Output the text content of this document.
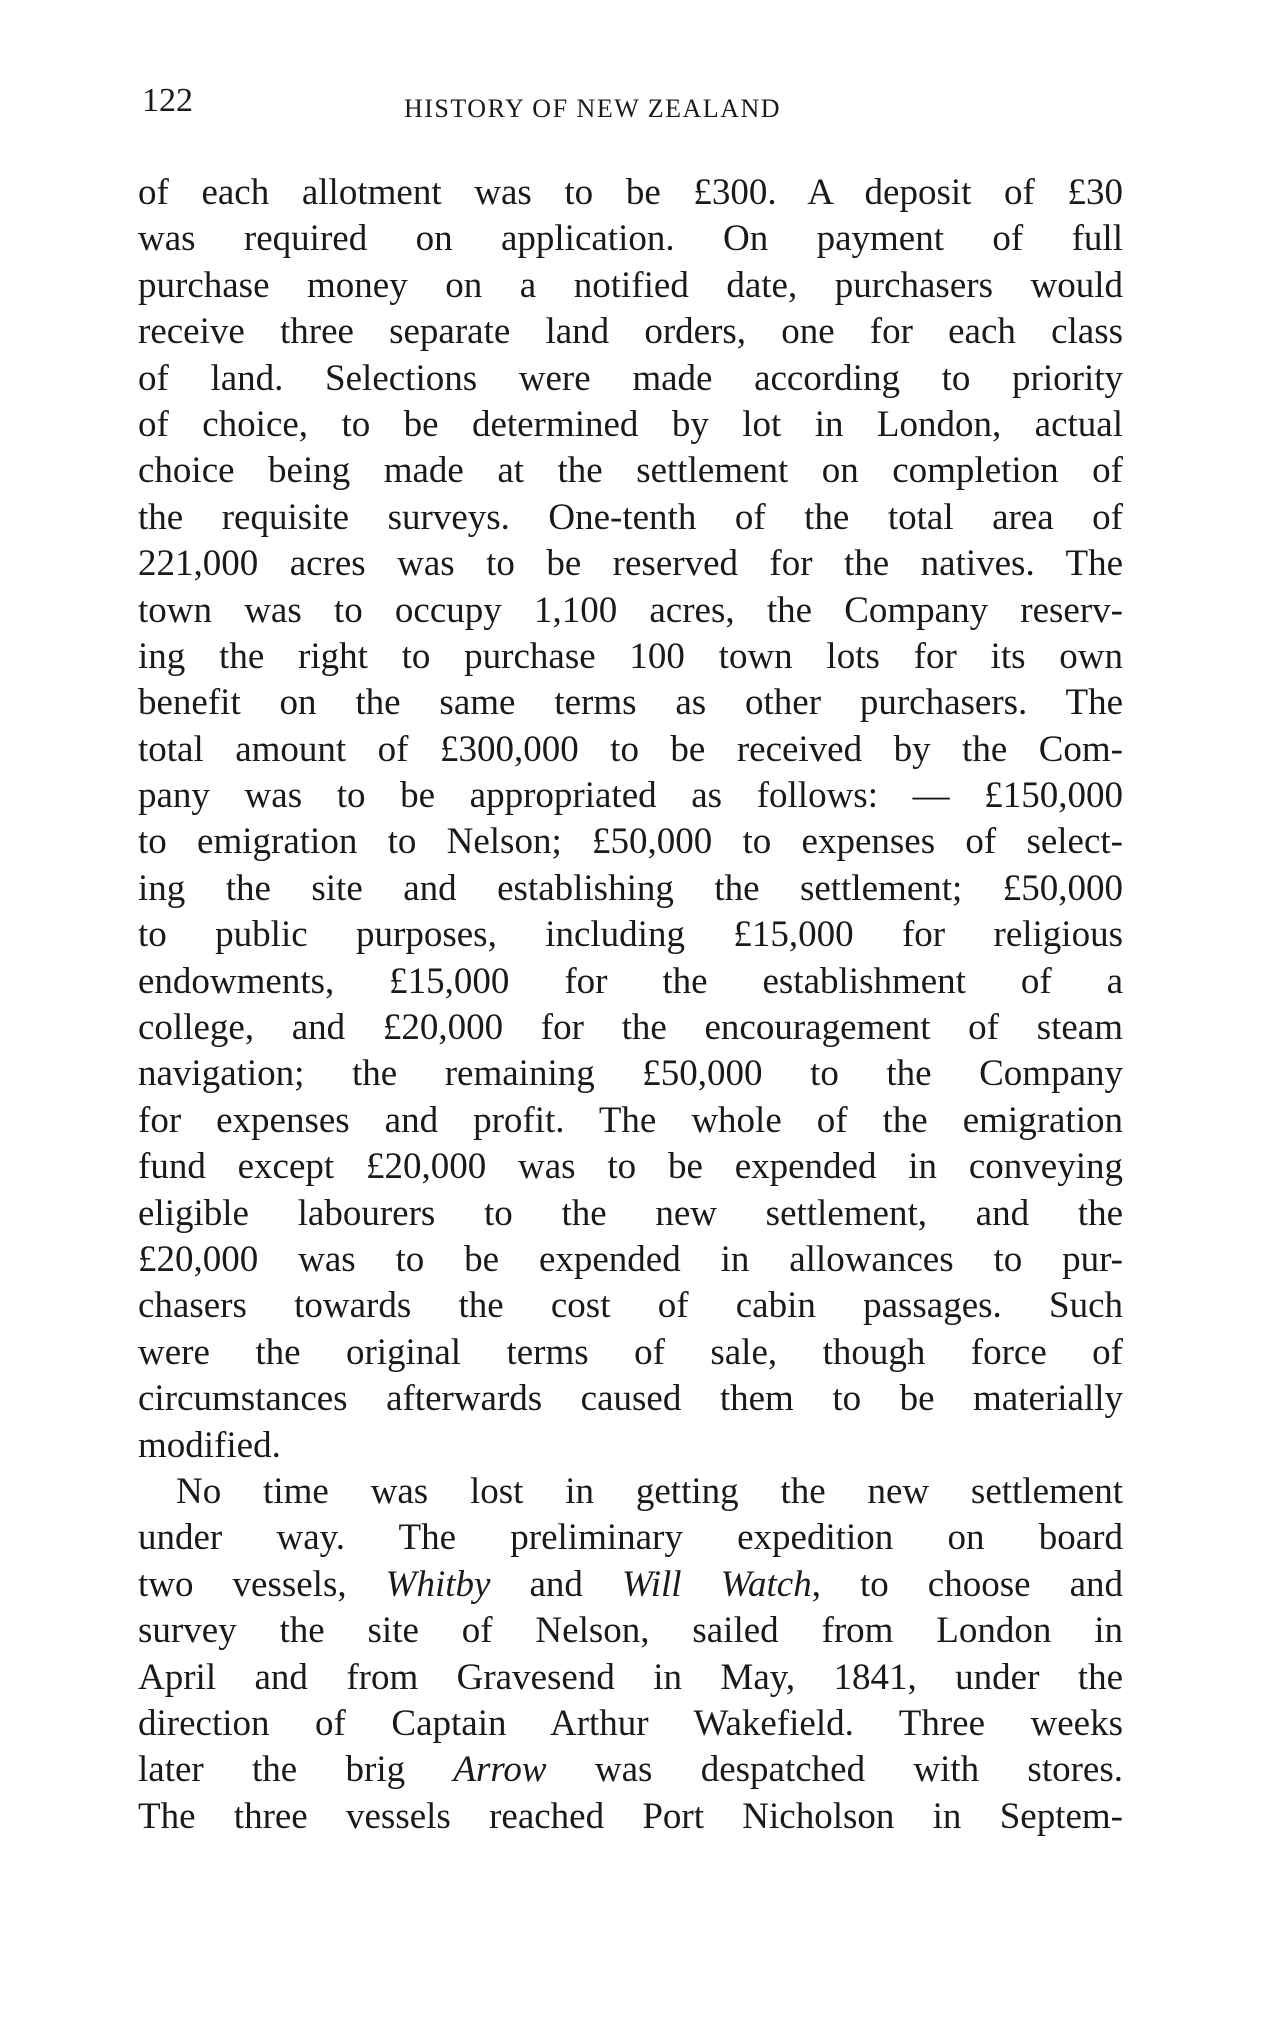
122	HISTORY OF NEW ZEALAND
of each allotment was to be £300. A deposit of £30
was required on application. On payment of full
purchase money on a notified date, purchasers would
receive three separate land orders, one for each class
of land. Selections were made according to priority
of choice, to be determined by lot in London, actual
choice being made at the settlement on completion of
the requisite surveys. One-tenth of the total area of
221,000 acres was to be reserved for the natives. The
town was to occupy 1,100 acres, the Company reserv-
ing the right to purchase 100 town lots for its own
benefit on the same terms as other purchasers. The
total amount of £300,000 to be received by the Com-
pany was to be appropriated as follows: — £150,000
to emigration to Nelson; £50,000 to expenses of select-
ing the site and establishing the settlement; £50,000
to public purposes, including £15,000 for religious
endowments, £15,000 for the establishment of a
college, and £20,000 for the encouragement of steam
navigation; the remaining £50,000 to the Company
for expenses and profit. The whole of the emigration
fund except £20,000 was to be expended in conveying
eligible labourers to the new settlement, and the
£20,000 was to be expended in allowances to pur-
chasers towards the cost of cabin passages. Such
were the original terms of sale, though force of
circumstances afterwards caused them to be materially
modified.
No time was lost in getting the new settlement
under way. The preliminary expedition on board
two vessels, Whitby and Will Watch, to choose and
survey the site of Nelson, sailed from London in
April and from Gravesend in May, 1841, under the
direction of Captain Arthur Wakefield. Three weeks
later the brig Arrow was despatched with stores.
The three vessels reached Port Nicholson in Septem-
